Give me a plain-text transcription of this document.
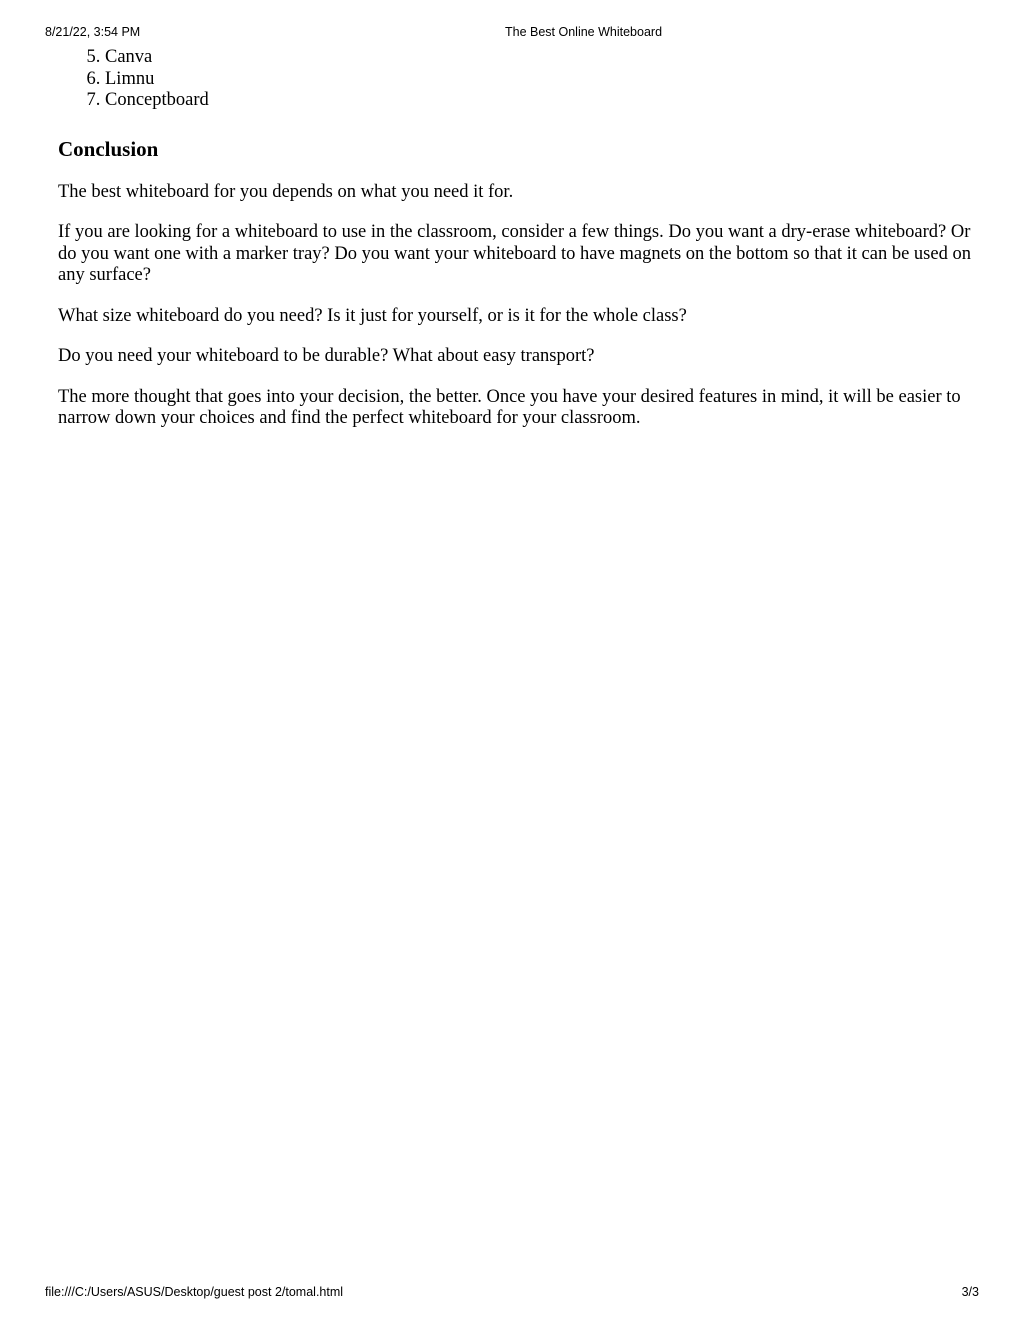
8/21/22, 3:54 PM	The Best Online Whiteboard
5. Canva
6. Limnu
7. Conceptboard
Conclusion

The best whiteboard for you depends on what you need it for.

If you are looking for a whiteboard to use in the classroom, consider a few things. Do you want a dry-erase whiteboard? Or do you want one with a marker tray? Do you want your whiteboard to have magnets on the bottom so that it can be used on any surface?

What size whiteboard do you need? Is it just for yourself, or is it for the whole class?

Do you need your whiteboard to be durable? What about easy transport?

The more thought that goes into your decision, the better. Once you have your desired features in mind, it will be easier to narrow down your choices and find the perfect whiteboard for your classroom.

file:///C:/Users/ASUS/Desktop/guest post 2/tomal.html	3/3
